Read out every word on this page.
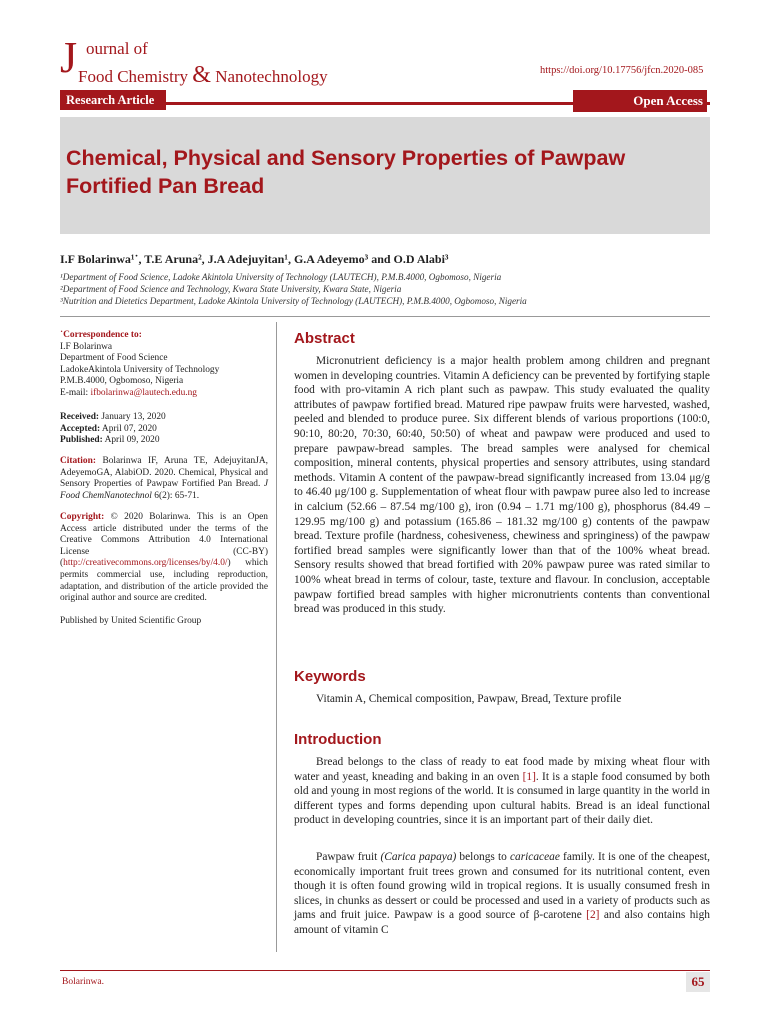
J ournal of
Food Chemistry & Nanotechnology	https://doi.org/10.17756/jfcn.2020-085
Research Article	Open Access
Chemical, Physical and Sensory Properties of Pawpaw Fortified Pan Bread
I.F Bolarinwa¹˙, T.E Aruna², J.A Adejuyitan¹, G.A Adeyemo³ and O.D Alabi³
¹Department of Food Science, Ladoke Akintola University of Technology (LAUTECH), P.M.B.4000, Ogbomoso, Nigeria
²Department of Food Science and Technology, Kwara State University, Kwara State, Nigeria
³Nutrition and Dietetics Department, Ladoke Akintola University of Technology (LAUTECH), P.M.B.4000, Ogbomoso, Nigeria
˙Correspondence to:
I.F Bolarinwa
Department of Food Science
LadokeAkintola University of Technology
P.M.B.4000, Ogbomoso, Nigeria
E-mail: ifbolarinwa@lautech.edu.ng
Received: January 13, 2020
Accepted: April 07, 2020
Published: April 09, 2020
Citation: Bolarinwa IF, Aruna TE, AdejuyitanJA, AdeyemoGA, AlabiOD. 2020. Chemical, Physical and Sensory Properties of Pawpaw Fortified Pan Bread. J Food ChemNanotechnol 6(2): 65-71.
Copyright: © 2020 Bolarinwa. This is an Open Access article distributed under the terms of the Creative Commons Attribution 4.0 International License (CC-BY) (http://creativecommons.org/licenses/by/4.0/) which permits commercial use, including reproduction, adaptation, and distribution of the article provided the original author and source are credited.
Published by United Scientific Group
Abstract
Micronutrient deficiency is a major health problem among children and pregnant women in developing countries. Vitamin A deficiency can be prevented by fortifying staple food with pro-vitamin A rich plant such as pawpaw. This study evaluated the quality attributes of pawpaw fortified bread. Matured ripe pawpaw fruits were harvested, washed, peeled and blended to produce puree. Six different blends of various proportions (100:0, 90:10, 80:20, 70:30, 60:40, 50:50) of wheat and pawpaw were produced and used to prepare pawpaw-bread samples. The bread samples were analysed for chemical composition, mineral contents, physical properties and sensory attributes, using standard methods. Vitamin A content of the pawpaw-bread significantly increased from 13.04 μg/g to 46.40 μg/100 g. Supplementation of wheat flour with pawpaw puree also led to increase in calcium (52.66 – 87.54 mg/100 g), iron (0.94 – 1.71 mg/100 g), phosphorus (84.49 – 129.95 mg/100 g) and potassium (165.86 – 181.32 mg/100 g) contents of the pawpaw bread. Texture profile (hardness, cohesiveness, chewiness and springiness) of the pawpaw fortified bread samples were significantly lower than that of the 100% wheat bread. Sensory results showed that bread fortified with 20% pawpaw puree was rated similar to 100% wheat bread in terms of colour, taste, texture and flavour. In conclusion, acceptable pawpaw fortified bread samples with higher micronutrients contents than conventional bread was produced in this study.
Keywords
Vitamin A, Chemical composition, Pawpaw, Bread, Texture profile
Introduction
Bread belongs to the class of ready to eat food made by mixing wheat flour with water and yeast, kneading and baking in an oven [1]. It is a staple food consumed by both old and young in most regions of the world. It is consumed in large quantity in the world in different types and forms depending upon cultural habits. Bread is an ideal functional product in developing countries, since it is an important part of their daily diet.
Pawpaw fruit (Carica papaya) belongs to caricaceae family. It is one of the cheapest, economically important fruit trees grown and consumed for its nutritional content, even though it is often found growing wild in tropical regions. It is usually consumed fresh in slices, in chunks as dessert or could be processed and used in a variety of products such as jams and fruit juice. Pawpaw is a good source of β-carotene [2] and also contains high amount of vitamin C
Bolarinwa.	65
